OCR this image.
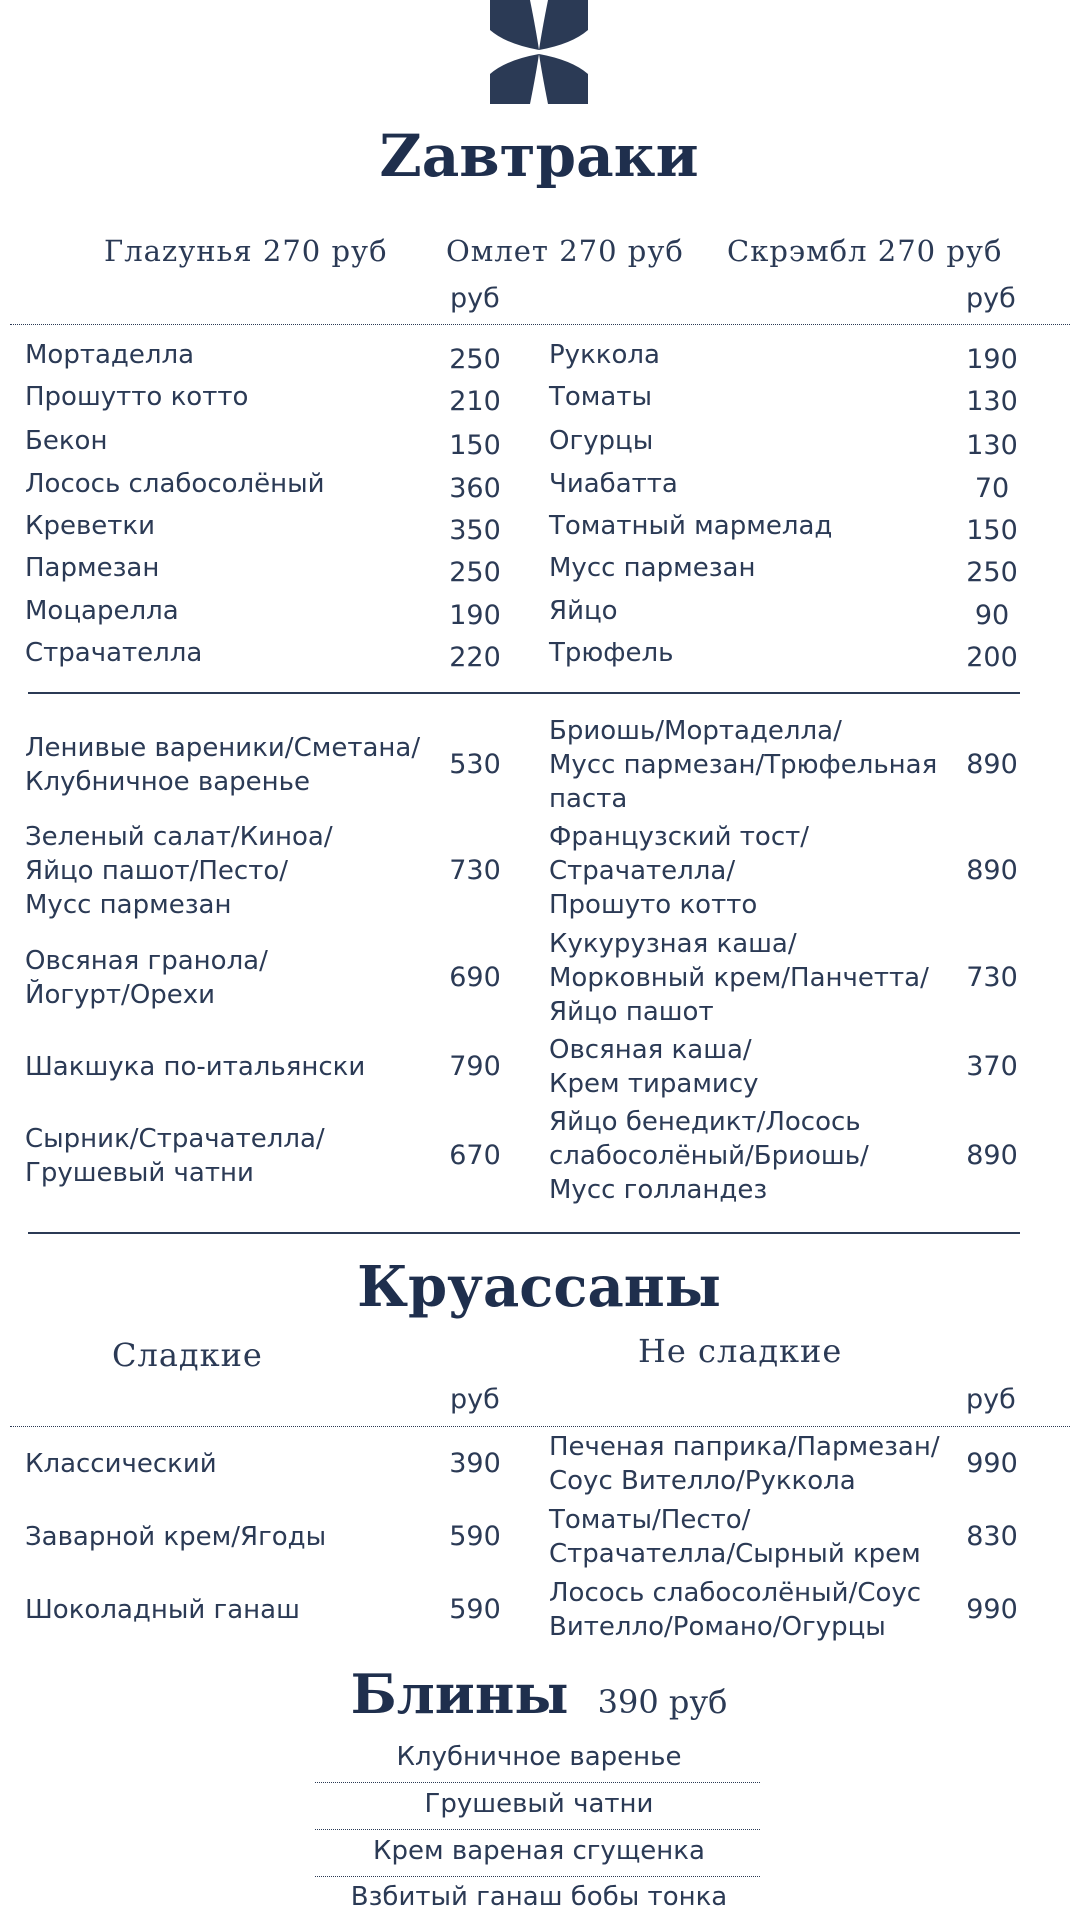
Zавтраки
Глаzунья 270 руб Омлет 270 руб Скрэмбл 270 руб
руб	руб
Мортаделла	250
Прошутто котто	210
Бекон	150
Лосось слабосолёный	360
Креветки	350
Пармезан	250
Моцарелла	190
Страчателла	220
Руккола	190
Томаты	130
Огурцы	130
Чиабатта	70
Томатный мармелад	150
Мусс пармезан	250
Яйцо	90
Трюфель	200
Ленивые вареники/Сметана/
Клубничное варенье
530
Зеленый салат/Киноа/
Яйцо пашот/Песто/
Мусс пармезан
730
Овсяная гранола/
Йогурт/Орехи
690
Шакшука по-итальянски	790
Сырник/Страчателла/
Грушевый чатни
670
Бриошь/Мортаделла/
Мусс пармезан/Трюфельная
паста
890
Французский тост/
Страчателла/
Прошуто котто
890
Кукурузная каша/
Морковный крем/Панчетта/
Яйцо пашот
730
Овсяная каша/
Крем тирамису
370
Яйцо бенедикт/Лосось
слабосолёный/Бриошь/
Мусс голландез
890
Круассаны
Сладкие	Не сладкие
руб	руб
Классический	390
Заварной крем/Ягоды	590
Шоколадный ганаш	590
Печеная паприка/Пармезан/
Соус Вителло/Руккола
990
Томаты/Песто/
Страчателла/Сырный крем
830
Лосось слабосолёный/Соус
Вителло/Романо/Огурцы
990
Блины 390 руб
Клубничное варенье
Грушевый чатни
Крем вареная сгущенка
Взбитый ганаш бобы тонка
